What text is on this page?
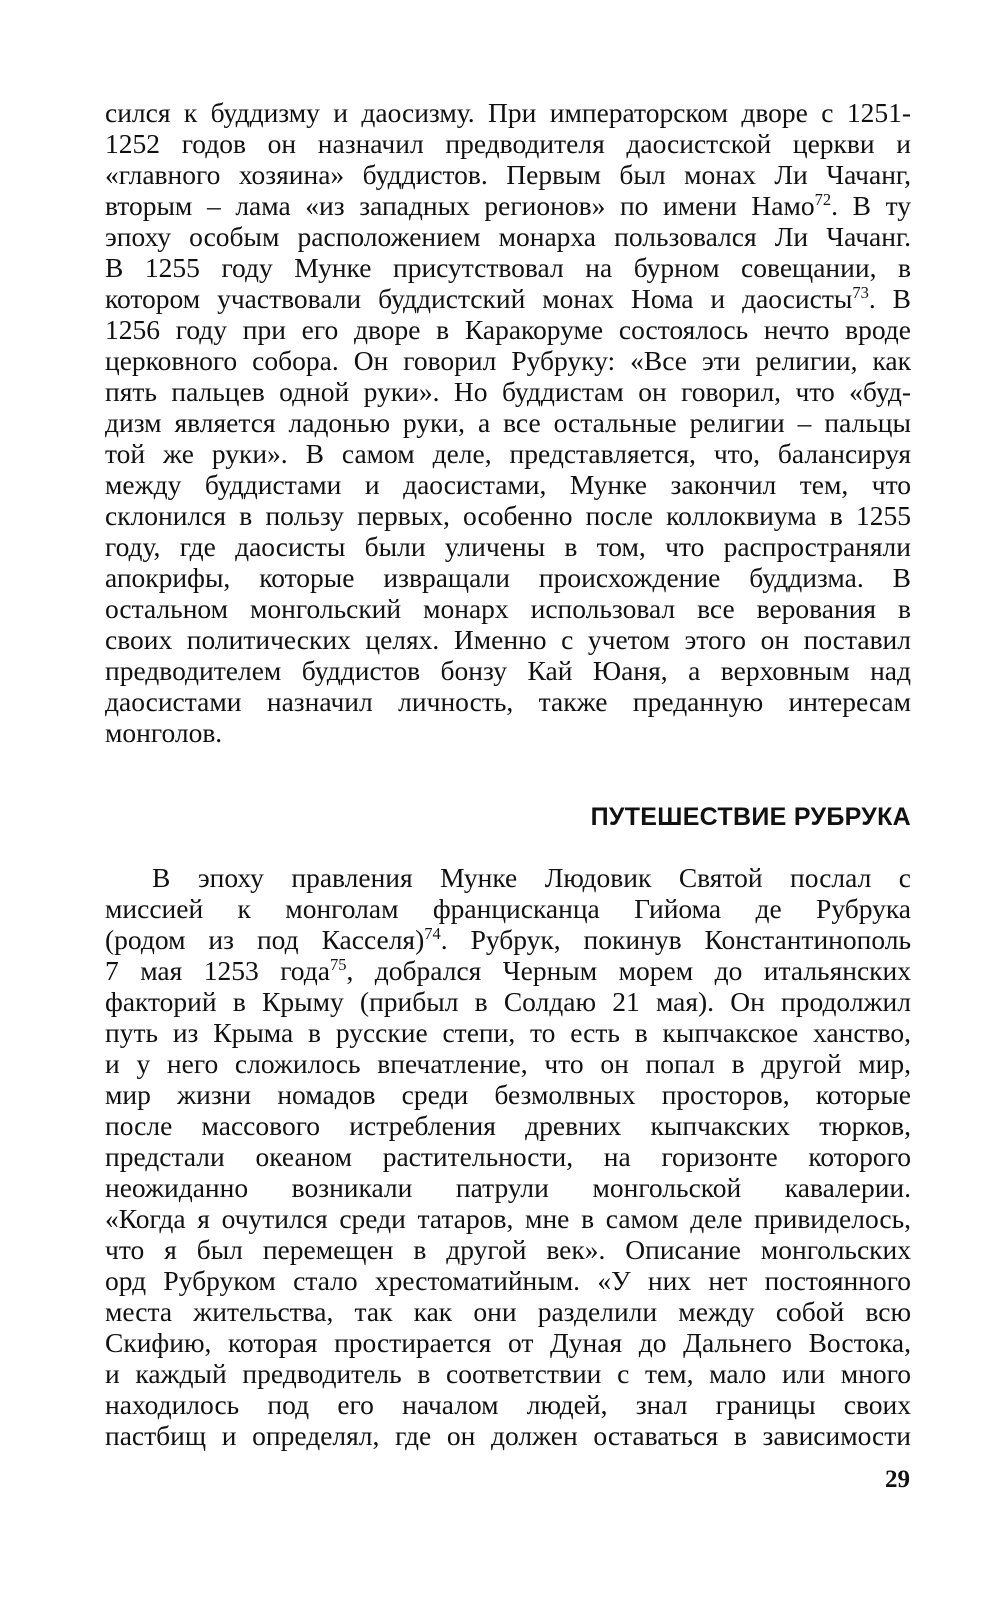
сился к буддизму и даосизму. При императорском дворе с 1251-
1252 годов он назначил предводителя даосистской церкви и
«главного хозяина» буддистов. Первым был монах Ли Чачанг,
вторым – лама «из западных регионов» по имени Намо$^{72}$. В ту
эпоху особым расположением монарха пользовался Ли Чачанг.
В 1255 году Мунке присутствовал на бурном совещании, в
котором участвовали буддистский монах Нома и даосисты$^{73}$. В
1256 году при его дворе в Каракоруме состоялось нечто вроде
церковного собора. Он говорил Рубруку: «Все эти религии, как
пять пальцев одной руки». Но буддистам он говорил, что «буд-
дизм является ладонью руки, а все остальные религии – пальцы
той же руки». В самом деле, представляется, что, балансируя
между буддистами и даосистами, Мунке закончил тем, что
склонился в пользу первых, особенно после коллоквиума в 1255
году, где даосисты были уличены в том, что распространяли
апокрифы, которые извращали происхождение буддизма. В
остальном монгольский монарх использовал все верования в
своих политических целях. Именно с учетом этого он поставил
предводителем буддистов бонзу Кай Юаня, а верховным над
даосистами назначил личность, также преданную интересам
монголов.
ПУТЕШЕСТВИЕ РУБРУКА
В эпоху правления Мунке Людовик Святой послал с
миссией к монголам францисканца Гийома де Рубрука
(родом из под Касселя)$^{74}$. Рубрук, покинув Константинополь
7 мая 1253 года$^{75}$, добрался Черным морем до итальянских
факторий в Крыму (прибыл в Солдаю 21 мая). Он продолжил
путь из Крыма в русские степи, то есть в кыпчакское ханство,
и у него сложилось впечатление, что он попал в другой мир,
мир жизни номадов среди безмолвных просторов, которые
после массового истребления древних кыпчакских тюрков,
предстали океаном растительности, на горизонте которого
неожиданно возникали патрули монгольской кавалерии.
«Когда я очутился среди татаров, мне в самом деле привиделось,
что я был перемещен в другой век». Описание монгольских
орд Рубруком стало хрестоматийным. «У них нет постоянного
места жительства, так как они разделили между собой всю
Скифию, которая простирается от Дуная до Дальнего Востока,
и каждый предводитель в соответствии с тем, мало или много
находилось под его началом людей, знал границы своих
пастбищ и определял, где он должен оставаться в зависимости
29
